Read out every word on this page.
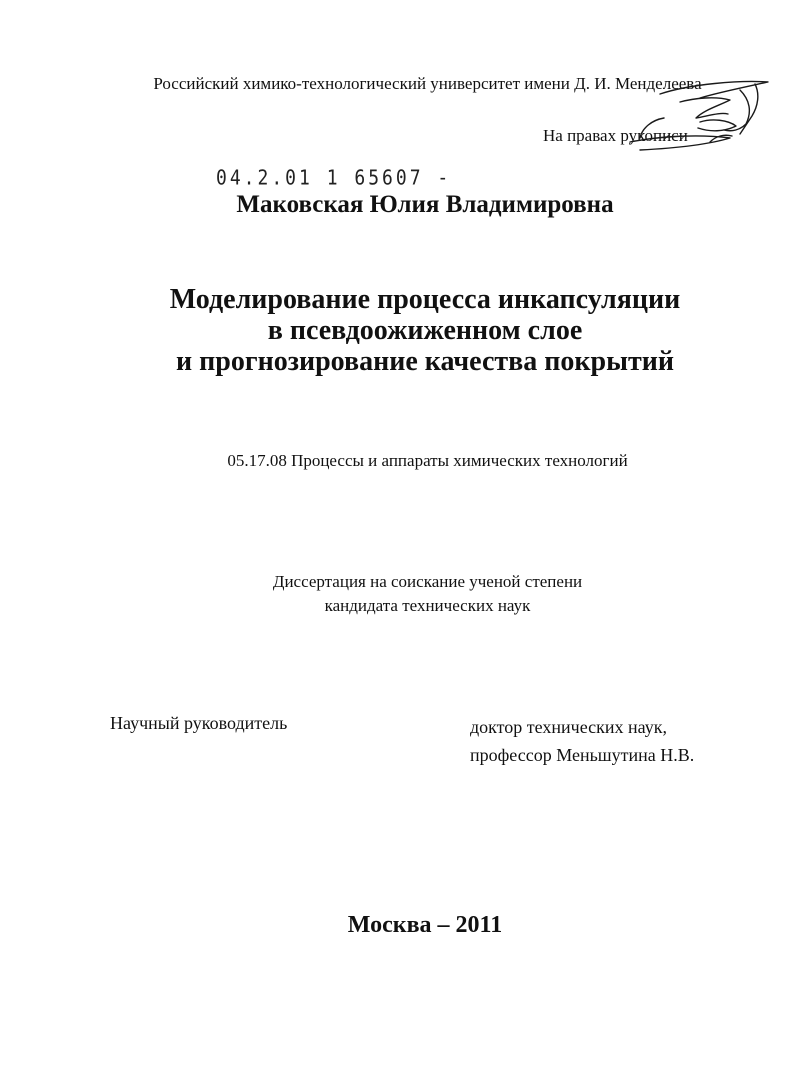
Российский химико-технологический университет имени Д. И. Менделеева
На правах рукописи
04.2.01 1 65607 -
Маковская Юлия Владимировна
Моделирование процесса инкапсуляции
в псевдоожиженном слое
и прогнозирование качества покрытий
05.17.08 Процессы и аппараты химических технологий
Диссертация на соискание ученой степени
кандидата технических наук
Научный руководитель	доктор технических наук,
профессор Меньшутина Н.В.
Москва – 2011
